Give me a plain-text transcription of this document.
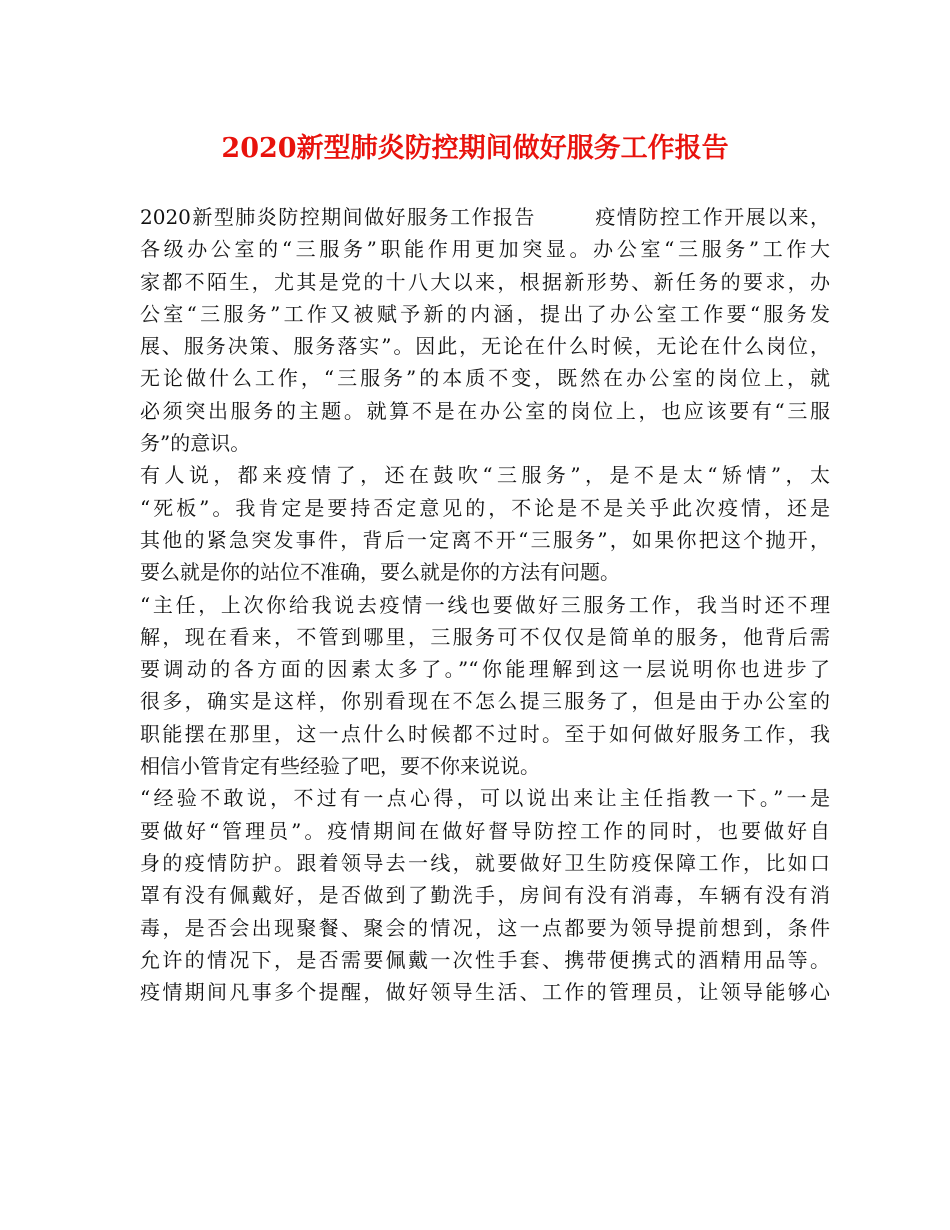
2020新型肺炎防控期间做好服务工作报告
2020新型肺炎防控期间做好服务工作报告	疫情防控工作开展以来，
各级办公室的“三服务”职能作用更加突显。办公室“三服务”工作大
家都不陌生，尤其是党的十八大以来，根据新形势、新任务的要求，办
公室“三服务”工作又被赋予新的内涵，提出了办公室工作要“服务发
展、服务决策、服务落实”。因此，无论在什么时候，无论在什么岗位，
无论做什么工作，“三服务”的本质不变，既然在办公室的岗位上，就
必须突出服务的主题。就算不是在办公室的岗位上，也应该要有“三服
务”的意识。
有人说，都来疫情了，还在鼓吹“三服务”，是不是太“矫情”，太
“死板”。我肯定是要持否定意见的，不论是不是关乎此次疫情，还是
其他的紧急突发事件，背后一定离不开“三服务”，如果你把这个抛开，
要么就是你的站位不准确，要么就是你的方法有问题。
“主任，上次你给我说去疫情一线也要做好三服务工作，我当时还不理
解，现在看来，不管到哪里，三服务可不仅仅是简单的服务，他背后需
要调动的各方面的因素太多了。”“你能理解到这一层说明你也进步了
很多，确实是这样，你别看现在不怎么提三服务了，但是由于办公室的
职能摆在那里，这一点什么时候都不过时。至于如何做好服务工作，我
相信小管肯定有些经验了吧，要不你来说说。
“经验不敢说，不过有一点心得，可以说出来让主任指教一下。”一是
要做好“管理员”。疫情期间在做好督导防控工作的同时，也要做好自
身的疫情防护。跟着领导去一线，就要做好卫生防疫保障工作，比如口
罩有没有佩戴好，是否做到了勤洗手，房间有没有消毒，车辆有没有消
毒，是否会出现聚餐、聚会的情况，这一点都要为领导提前想到，条件
允许的情况下，是否需要佩戴一次性手套、携带便携式的酒精用品等。
疫情期间凡事多个提醒，做好领导生活、工作的管理员，让领导能够心
